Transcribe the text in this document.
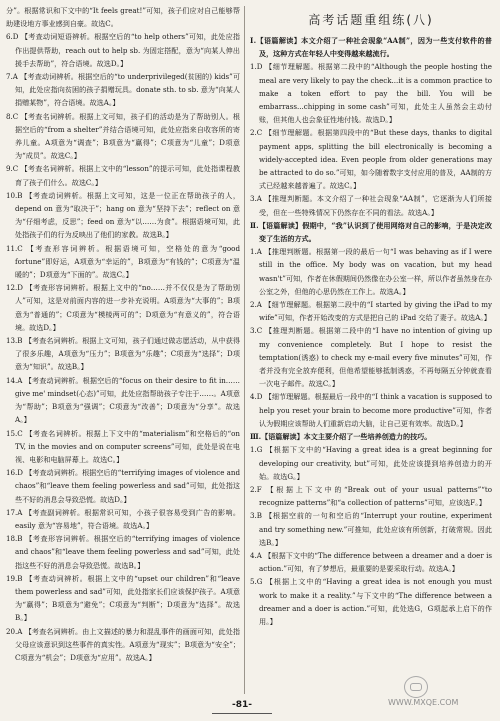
分”。根据常识和下文中的“It feels great!”可知，孩子们应对自己能够帮助建设地方事业感到自豪。故选C。

6.D 【考查动词短语辨析。根据空后的“to help others”可知，此处应指作出提供帮助，reach out to help sb. 为固定搭配，意为“向某人伸出援手去帮助”，符合语境。故选D。】

7.A 【考查动词辨析。根据空后的“to underprivileged(贫困的) kids”可知，此处应指向贫困的孩子捐赠玩具。donate sth. to sb. 意为“向某人捐赠某物”，符合语境。故选A。】

8.C 【考查名词辨析。根据上文可知，孩子们的活动是为了帮助别人。根据空后的“from a shelter”并结合语境可知，此处应指来自收容所的寄养儿童。A项意为“调查”；B项意为“赢得”；C项意为“儿童”；D项意为“成员”。故选C。】

9.C 【考查名词辨析。根据上文中的“lesson”的提示可知，此处指课程教育了孩子们什么。故选C。】

10.B 【考查动词辨析。根据上文可知，这是一位正在帮助孩子的人，depend on 意为“取决于”；hang on 意为“坚持下去”；reflect on 意为“仔细考虑，反思”；feed on 意为“以……为食”。根据语境可知，此处指孩子们的行为反映出了他们的家教。故选B。】

11.C 【考查形容词辨析。根据语境可知，空格处的意为“good fortune”即好运，A项意为“幸运的”，B项意为“有钱的”；C项意为“温暖的”；D项意为“下面的”。故选C。】

12.D 【考查形容词辨析。根据上文中的“no……并不仅仅是为了帮助别人”可知，这是对前面内容的进一步补充说明。A项意为“大事的”；B项意为“普通的”；C项意为“模棱两可的”；D项意为“有意义的”，符合语境。故选D。】

13.B 【考查名词辨析。根据上文可知，孩子们通过做志愿活动，从中获得了很多乐趣，A项意为“压力”；B项意为“乐趣”；C项意为“选择”；D项意为“知识”。故选B。】

14.A 【考查动词辨析。根据空后的“focus on their desire to fit in……give me' mindset(心态)”可知，此处应指帮助孩子专注于……。A项意为“帮助”；B项意为“强调”；C项意为“改善”；D项意为“分享”。故选A。】

15.C 【考查名词辨析。根据上下文中的“materialism”和空格后的“on TV, in the movies and on computer screens”可知，此处是说在电视、电影和电脑屏幕上。故选C。】

16.D 【考查动词辨析。根据空后的“terrifying images of violence and chaos”和“leave them feeling powerless and sad”可知，此处指这些不好的消息会导致恐慌。故选D。】

17.A 【考查副词辨析。根据常识可知，小孩子很容易受到广告的影响。easily 意为“容易地”，符合语境。故选A。】

18.B 【考查形容词辨析。根据空后的“terrifying images of violence and chaos”和“leave them feeling powerless and sad”可知，此处指这些不好的消息会导致恐慌。故选B。】

19.B 【考查动词辨析。根据上文中的“upset our children”和“leave them powerless and sad”可知，此处指家长们应该保护孩子。A项意为“赢得”；B项意为“避免”；C项意为“判断”；D项意为“选择”。故选B。】

20.A 【考查名词辨析。由上文描述的暴力和混乱事件的画面可知，此处指父母应该意识到这些事件的真实性。A项意为“现实”；B项意为“安全”；C项意为“机会”；D项意为“应用”。故选A。】

高考话题重组练(八)

Ⅰ.【语篇解读】本文介绍了一种社会现象“AA制”，因为一些支付软件的普及，这种方式在年轻人中变得越来越流行。

1.D 【细节理解题。根据第二段中的“Although the people hosting the meal are very likely to pay the check...it is a common practice to make a token effort to pay the bill. You will be embarrass...chipping in some cash”可知，此处主人虽然会主动付账，但其他人也会象征性地付钱。故选D。】

2.C 【细节理解题。根据第四段中的“But these days, thanks to digital payment apps, splitting the bill electronically is becoming a widely-accepted idea. Even people from older generations may be attracted to do so.”可知，如今随着数字支付应用的普及，AA制的方式已经越来越普遍了。故选C。】

3.A 【推理判断题。本文介绍了一种社会现象“AA制”，它逐渐为人们所接受，但在一些特殊情况下仍然存在不同的看法。故选A。】

Ⅱ.【语篇解读】假期中，“我”认识到了使用网络对自己的影响，于是决定改变了生活的方式。

1.A 【推理判断题。根据第一段的最后一句“I was behaving as if I were still in the office. My body was on vacation, but my head wasn't”可知，作者在休假期间仍然像在办公室一样，所以作者虽然身在办公室之外，但他的心思仍然在工作上。故选A。】

2.A 【细节理解题。根据第二段中的“I started by giving the iPad to my wife”可知，作者开始改变的方式是把自己的 iPad 交给了妻子。故选A。】

3.C 【推理判断题。根据第二段中的“I have no intention of giving up my convenience completely. But I hope to resist the temptation(诱惑) to check my e-mail every five minutes”可知，作者并没有完全放弃便利，但他希望能够抵制诱惑，不再每隔五分钟就查看一次电子邮件。故选C。】

4.D 【细节理解题。根据最后一段中的“I think a vacation is supposed to help you reset your brain to become more productive”可知，作者认为假期应该帮助人们重新启动大脑，让自己更有效率。故选D。】

Ⅲ.【语篇解读】本文主要介绍了一些培养创造力的技巧。

1.G 【根据下文中的“Having a great idea is a great beginning for developing our creativity, but”可知，此处应该提到培养创造力的开始。故选G。】

2.F 【根据上下文中的“Break out of your usual patterns”“to recognize patterns”和“a collection of patterns”可知，应该选F。】

3.B 【根据空前的一句和空后的“Interrupt your routine, experiment and try something new.”可推知，此处应该有所创新，打破常规。因此选B。】

4.A 【根据下文中的“The difference between a dreamer and a doer is action.”可知，有了梦想后，最重要的是要采取行动。故选A。】

5.G 【根据上文中的“Having a great idea is not enough you must work to make it a reality.”与下文中的“The difference between a dreamer and a doer is action.”可知，此处选G，G项起承上启下的作用。】

-81-	WWW.MXQE.COM
